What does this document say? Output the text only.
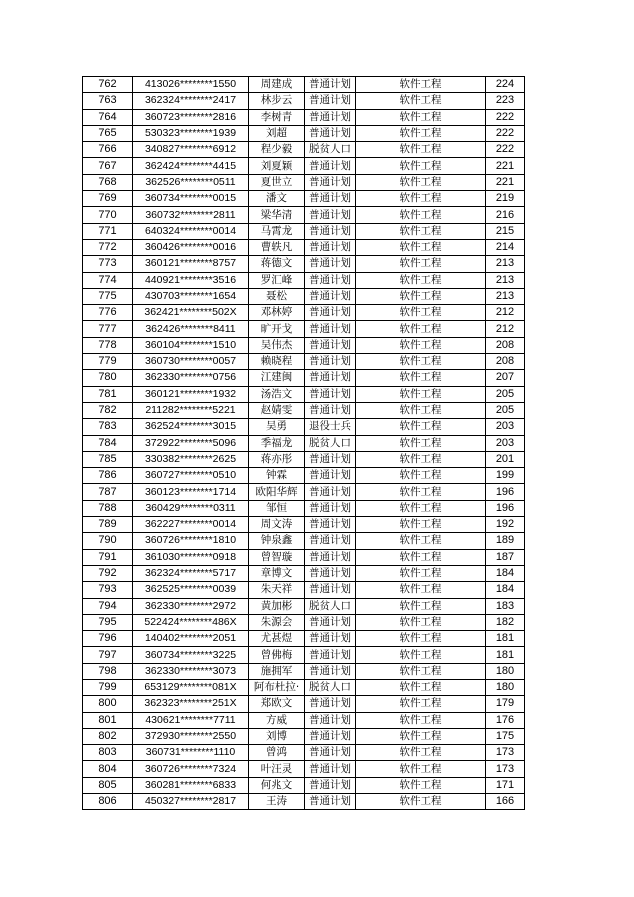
762	413026********1550	周建成	普通计划	软件工程	224
763	362324********2417	林步云	普通计划	软件工程	223
764	360723********2816	李树青	普通计划	软件工程	222
765	530323********1939	刘超	普通计划	软件工程	222
766	340827********6912	程少毅	脱贫人口	软件工程	222
767	362424********4415	刘夏颖	普通计划	软件工程	221
768	362526********0511	夏世立	普通计划	软件工程	221
769	360734********0015	潘文	普通计划	软件工程	219
770	360732********2811	梁华清	普通计划	软件工程	216
771	640324********0014	马霄龙	普通计划	软件工程	215
772	360426********0016	曹轶凡	普通计划	软件工程	214
773	360121********8757	蒋德文	普通计划	软件工程	213
774	440921********3516	罗汇峰	普通计划	软件工程	213
775	430703********1654	聂松	普通计划	软件工程	213
776	362421********502X	邓林婷	普通计划	软件工程	212
777	362426********8411	旷开戈	普通计划	软件工程	212
778	360104********1510	吴伟杰	普通计划	软件工程	208
779	360730********0057	赖晓程	普通计划	软件工程	208
780	362330********0756	江建闽	普通计划	软件工程	207
781	360121********1932	汤浩文	普通计划	软件工程	205
782	211282********5221	赵婧雯	普通计划	软件工程	205
783	362524********3015	吴勇	退役士兵	软件工程	203
784	372922********5096	季福龙	脱贫人口	软件工程	203
785	330382********2625	蒋亦彤	普通计划	软件工程	201
786	360727********0510	钟霖	普通计划	软件工程	199
787	360123********1714	欧阳华辉	普通计划	软件工程	196
788	360429********0311	邹恒	普通计划	软件工程	196
789	362227********0014	周文涛	普通计划	软件工程	192
790	360726********1810	钟泉鑫	普通计划	软件工程	189
791	361030********0918	曾智璇	普通计划	软件工程	187
792	362324********5717	章博文	普通计划	软件工程	184
793	362525********0039	朱天祥	普通计划	软件工程	184
794	362330********2972	黄加彬	脱贫人口	软件工程	183
795	522424********486X	朱源会	普通计划	软件工程	182
796	140402********2051	尤甚煜	普通计划	软件工程	181
797	360734********3225	曾佛梅	普通计划	软件工程	181
798	362330********3073	施拥军	普通计划	软件工程	180
799	653129********081X	阿布杜拉·	脱贫人口	软件工程	180
800	362323********251X	郑欧文	普通计划	软件工程	179
801	430621********7711	方威	普通计划	软件工程	176
802	372930********2550	刘博	普通计划	软件工程	175
803	360731********1110	曾鸿	普通计划	软件工程	173
804	360726********7324	叶汪灵	普通计划	软件工程	173
805	360281********6833	何兆文	普通计划	软件工程	171
806	450327********2817	王涛	普通计划	软件工程	166
